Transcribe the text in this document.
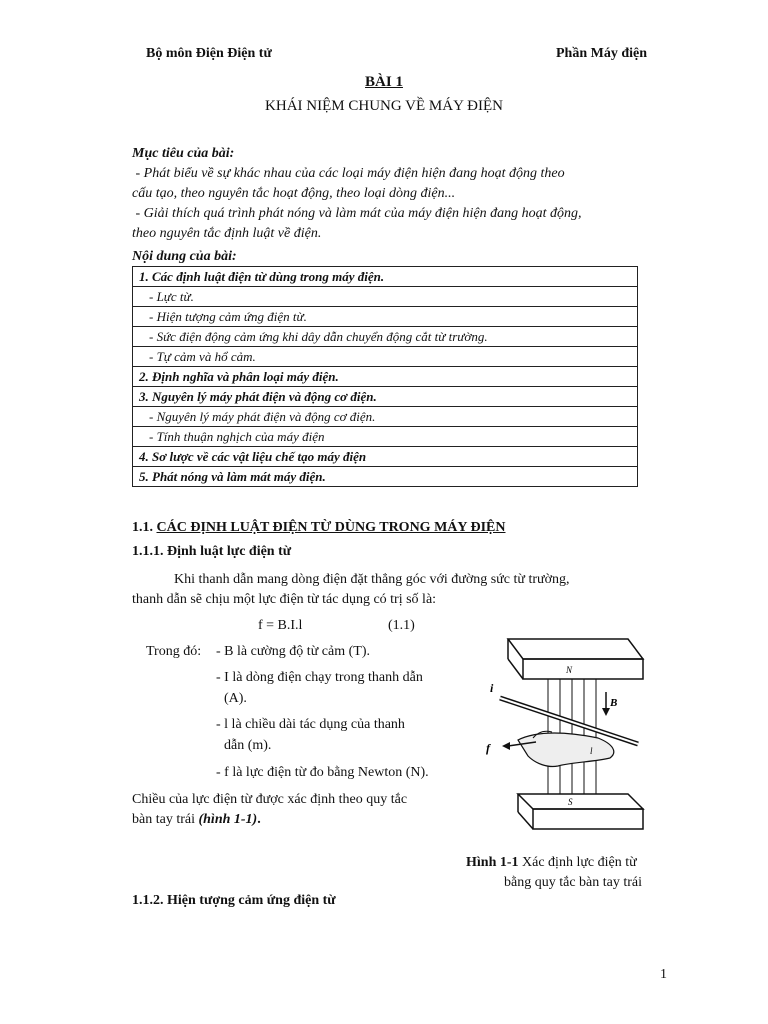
Bộ môn Điện Điện tử	Phần Máy điện
BÀI 1
KHÁI NIỆM CHUNG VỀ MÁY ĐIỆN
Mục tiêu của bài:
- Phát biểu về sự khác nhau của các loại máy điện hiện đang hoạt động theo
cấu tạo, theo nguyên tắc hoạt động, theo loại dòng điện...
- Giải thích quá trình phát nóng và làm mát của máy điện hiện đang hoạt động,
theo nguyên tắc định luật về điện.
Nội dung của bài:
1. Các định luật điện từ dùng trong máy điện.
- Lực từ.
- Hiện tượng cảm ứng điện từ.
- Sức điện động cảm ứng khi dây dẫn chuyển động cắt từ trường.
- Tự cảm và hổ cảm.
2. Định nghĩa và phân loại máy điện.
3. Nguyên lý máy phát điện và động cơ điện.
- Nguyên lý máy phát điện và động cơ điện.
- Tính thuận nghịch của máy điện
4. Sơ lược về các vật liệu chế tạo máy điện
5. Phát nóng và làm mát máy điện.
1.1. CÁC ĐỊNH LUẬT ĐIỆN TỪ DÙNG TRONG MÁY ĐIỆN
1.1.1. Định luật lực điện từ
Khi thanh dẫn mang dòng điện đặt thẳng góc với đường sức từ trường,
thanh dẫn sẽ chịu một lực điện từ tác dụng có trị số là:
f = B.I.l	(1.1)
Trong đó: - B là cường độ từ cảm (T).
- I là dòng điện chạy trong thanh dẫn
(A).
- l là chiều dài tác dụng của thanh
dẫn (m).
- f là lực điện từ đo bằng Newton (N).
Chiều của lực điện từ được xác định theo quy tắc
bàn tay trái (hình 1-1).
N
B
i
f	l
S
Hình 1-1 Xác định lực điện từ
bằng quy tắc bàn tay trái
1.1.2. Hiện tượng cảm ứng điện từ
1
